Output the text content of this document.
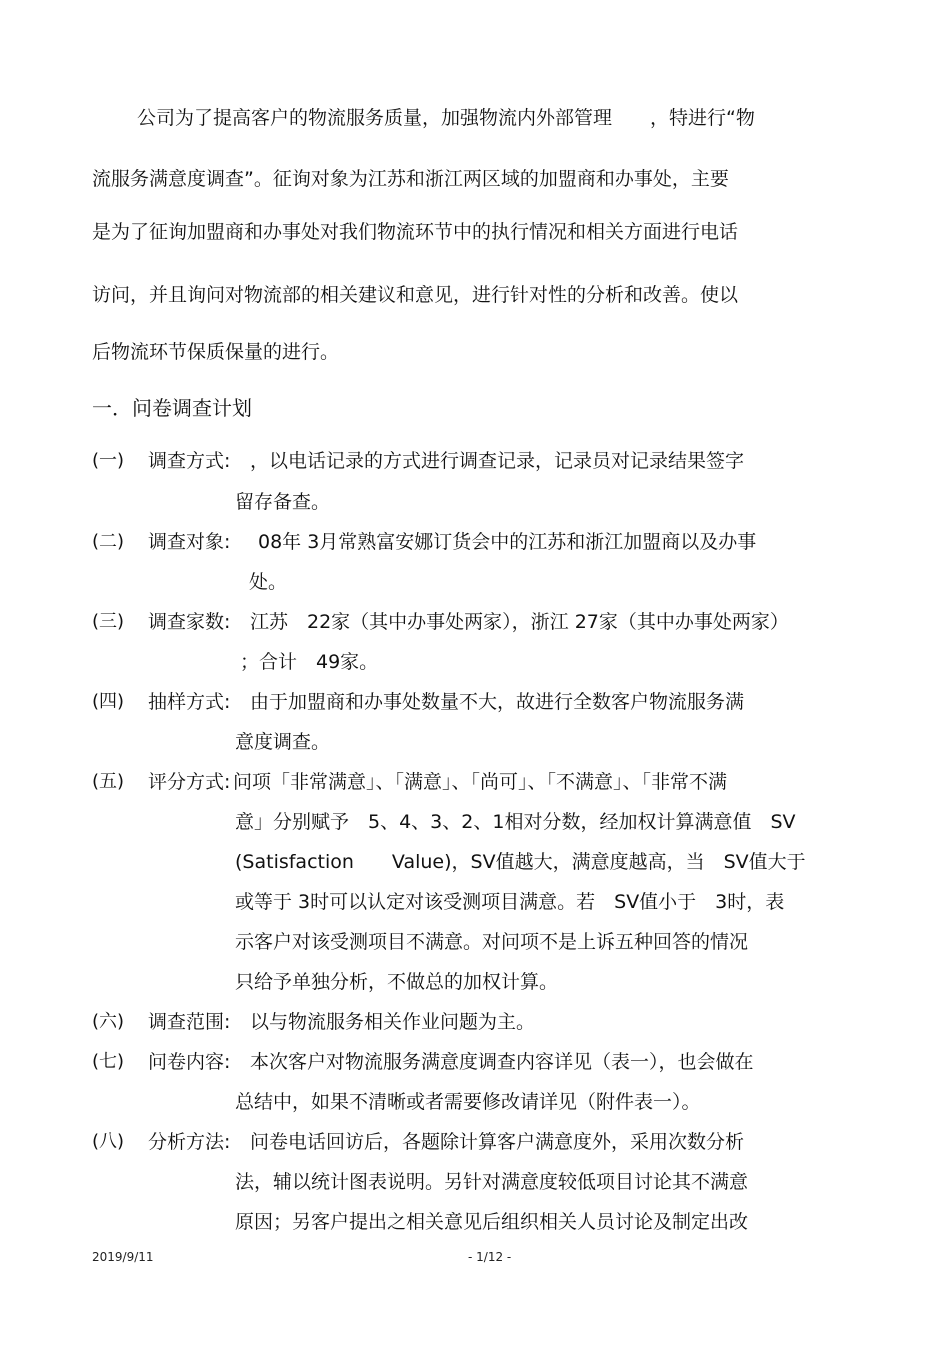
公司为了提高客户的物流服务质量，加强物流内外部管理　　，特进行“物
流服务满意度调查”。征询对象为江苏和浙江两区域的加盟商和办事处，主要
是为了征询加盟商和办事处对我们物流环节中的执行情况和相关方面进行电话
访问，并且询问对物流部的相关建议和意见，进行针对性的分析和改善。使以
后物流环节保质保量的进行。
一．问卷调查计划
(一) 调查方式: ，以电话记录的方式进行调查记录，记录员对记录结果签字
留存备查。
(二) 调查对象: 08年 3月常熟富安娜订货会中的江苏和浙江加盟商以及办事
处。
(三) 调查家数: 江苏　22家（其中办事处两家），浙江 27家（其中办事处两家）
；合计　49家。
(四) 抽样方式: 由于加盟商和办事处数量不大，故进行全数客户物流服务满
意度调查。
(五) 评分方式: 问项「非常满意」、「满意」、「尚可」、「不满意」、「非常不满
意」分别赋予　5、4、3、2、1相对分数，经加权计算满意值　SV
(Satisfaction　　Value)，SV值越大，满意度越高，当　SV值大于
或等于 3时可以认定对该受测项目满意。若　SV值小于　3时，表
示客户对该受测项目不满意。对问项不是上诉五种回答的情况
只给予单独分析，不做总的加权计算。
(六) 调查范围: 以与物流服务相关作业问题为主。
(七) 问卷内容: 本次客户对物流服务满意度调查内容详见（表一），也会做在
总结中，如果不清晰或者需要修改请详见（附件表一）。
(八) 分析方法: 问卷电话回访后，各题除计算客户满意度外，采用次数分析
法，辅以统计图表说明。另针对满意度较低项目讨论其不满意
原因；另客户提出之相关意见后组织相关人员讨论及制定出改
2019/9/11	- 1/12 -
